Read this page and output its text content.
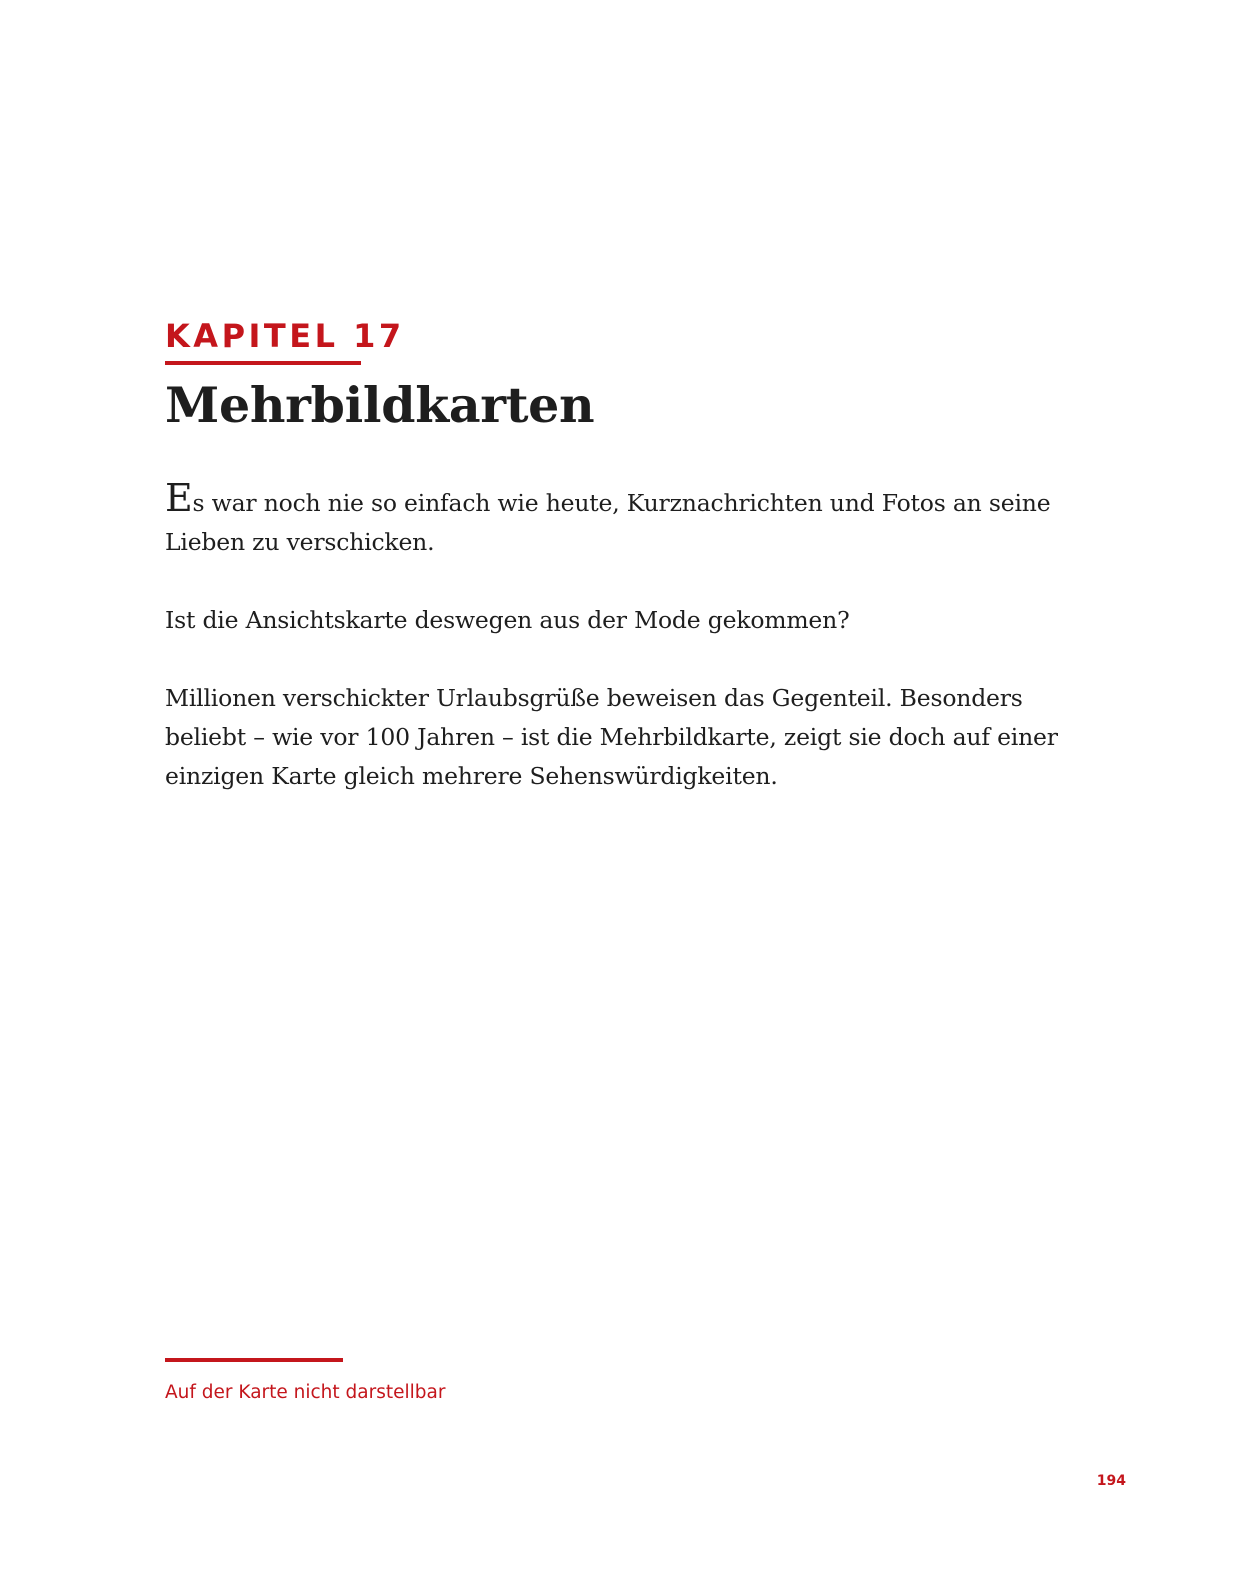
KAPITEL 17
Mehrbildkarten

Es war noch nie so einfach wie heute, Kurznachrichten und Fotos an seine Lieben zu verschicken.

Ist die Ansichtskarte deswegen aus der Mode gekommen?

Millionen verschickter Urlaubsgrüße beweisen das Gegenteil. Besonders beliebt – wie vor 100 Jahren – ist die Mehrbildkarte, zeigt sie doch auf einer einzigen Karte gleich mehrere Sehenswürdigkeiten.

Auf der Karte nicht darstellbar

194
